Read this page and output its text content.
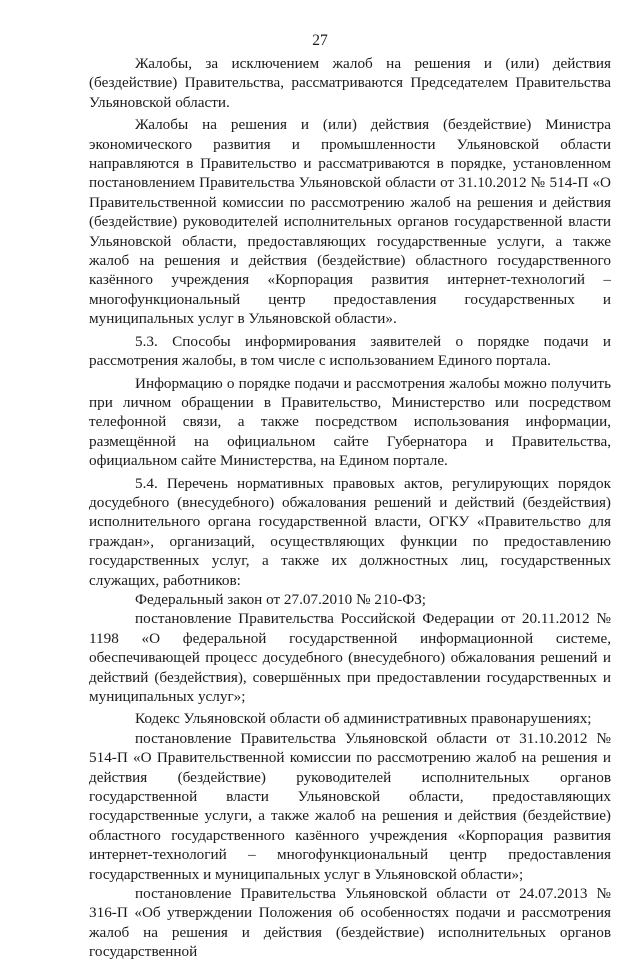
27

Жалобы, за исключением жалоб на решения и (или) действия (бездействие) Правительства, рассматриваются Председателем Правительства Ульяновской области.

Жалобы на решения и (или) действия (бездействие) Министра экономического развития и промышленности Ульяновской области направляются в Правительство и рассматриваются в порядке, установленном постановлением Правительства Ульяновской области от 31.10.2012 № 514-П «О Правительственной комиссии по рассмотрению жалоб на решения и действия (бездействие) руководителей исполнительных органов государственной власти Ульяновской области, предоставляющих государственные услуги, а также жалоб на решения и действия (бездействие) областного государственного казённого учреждения «Корпорация развития интернет-технологий – многофункциональный центр предоставления государственных и муниципальных услуг в Ульяновской области».

5.3. Способы информирования заявителей о порядке подачи и рассмотрения жалобы, в том числе с использованием Единого портала.

Информацию о порядке подачи и рассмотрения жалобы можно получить при личном обращении в Правительство, Министерство или посредством телефонной связи, а также посредством использования информации, размещённой на официальном сайте Губернатора и Правительства, официальном сайте Министерства, на Едином портале.

5.4. Перечень нормативных правовых актов, регулирующих порядок досудебного (внесудебного) обжалования решений и действий (бездействия) исполнительного органа государственной власти, ОГКУ «Правительство для граждан», организаций, осуществляющих функции по предоставлению государственных услуг, а также их должностных лиц, государственных служащих, работников:

Федеральный закон от 27.07.2010 № 210-ФЗ;

постановление Правительства Российской Федерации от 20.11.2012 № 1198 «О федеральной государственной информационной системе, обеспечивающей процесс досудебного (внесудебного) обжалования решений и действий (бездействия), совершённых при предоставлении государственных и муниципальных услуг»;

Кодекс Ульяновской области об административных правонарушениях;

постановление Правительства Ульяновской области от 31.10.2012 № 514-П «О Правительственной комиссии по рассмотрению жалоб на решения и действия (бездействие) руководителей исполнительных органов государственной власти Ульяновской области, предоставляющих государственные услуги, а также жалоб на решения и действия (бездействие) областного государственного казённого учреждения «Корпорация развития интернет-технологий – многофункциональный центр предоставления государственных и муниципальных услуг в Ульяновской области»;

постановление Правительства Ульяновской области от 24.07.2013 № 316-П «Об утверждении Положения об особенностях подачи и рассмотрения жалоб на решения и действия (бездействие) исполнительных органов государственной
